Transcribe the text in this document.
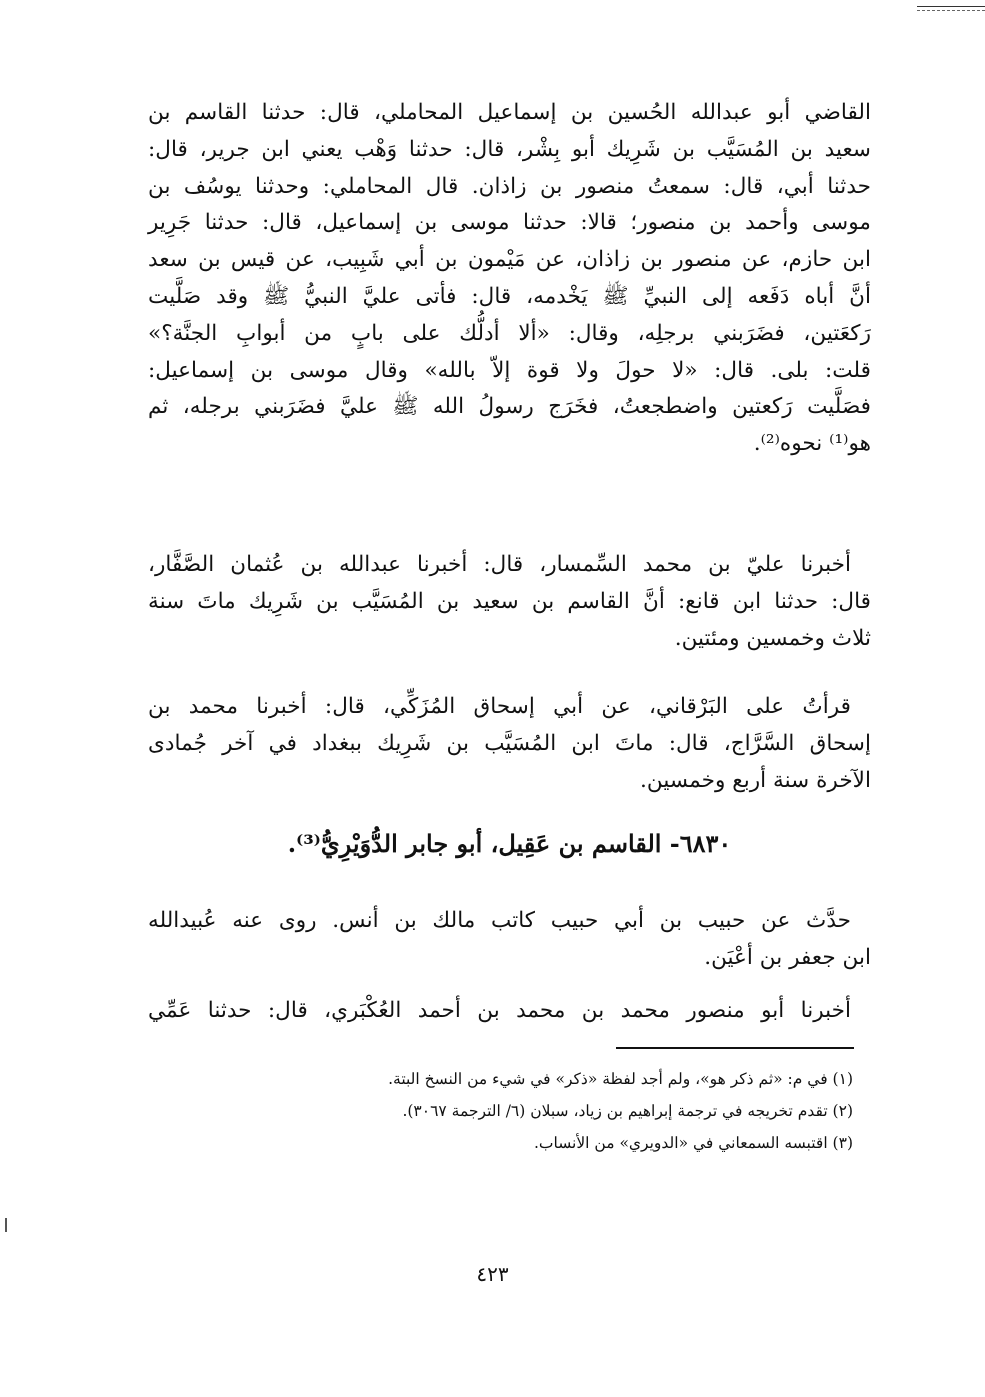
القاضي أبو عبدالله الحُسين بن إسماعيل المحاملي، قال: حدثنا القاسم بن
سعيد بن المُسَيَّب بن شَرِيك أبو بِشْر، قال: حدثنا وَهْب يعني ابن جرير، قال:
حدثنا أبي، قال: سمعتُ منصور بن زاذان. قال المحاملي: وحدثنا يوسُف بن
موسى وأحمد بن منصور؛ قالا: حدثنا موسى بن إسماعيل، قال: حدثنا جَرِير
ابن حازم، عن منصور بن زاذان، عن مَيْمون بن أبي شَبِيب، عن قيس بن سعد
أنَّ أباه دَفَعه إلى النبيِّ ﷺ يَخْدمه، قال: فأتى عليَّ النبيُّ ﷺ وقد صَلَّيت
رَكعَتين، فضَرَبني برجلِه، وقال: «ألا أدلُّك على بابٍ من أبوابِ الجنَّة؟»
قلت: بلى. قال: «لا حولَ ولا قوة إلاّ بالله» وقال موسى بن إسماعيل:
فصَلَّيت رَكعتين واضطجعتُ، فخَرَج رسولُ الله ﷺ عليَّ فضَرَبني برجله، ثم
هو⁽¹⁾ نحوه⁽²⁾.
أخبرنا عليّ بن محمد السِّمسار، قال: أخبرنا عبدالله بن عُثمان الصَّفَّار،
قال: حدثنا ابن قانع: أنَّ القاسم بن سعيد بن المُسَيَّب بن شَرِيك ماتَ سنة
ثلاث وخمسين ومئتين.
قرأتُ على البَرْقاني، عن أبي إسحاق المُزَكِّي، قال: أخبرنا محمد بن
إسحاق السَّرَّاج، قال: ماتَ ابن المُسَيَّب بن شَرِيك ببغداد في آخر جُمادى
الآخرة سنة أربع وخمسين.
٦٨٣٠- القاسم بن عَقِيل، أبو جابر الدُّوَيْرِيُّ⁽³⁾.
حدَّث عن حبيب بن أبي حبيب كاتب مالك بن أنس. روى عنه عُبيدالله
ابن جعفر بن أعْيَن.
أخبرنا أبو منصور محمد بن محمد بن أحمد العُكْبَري، قال: حدثنا عَمِّي
(١) في م: «ثم ذكر هو»، ولم أجد لفظة «ذكر» في شيء من النسخ البتة.
(٢) تقدم تخريجه في ترجمة إبراهيم بن زياد، سبلان (٦/ الترجمة ٣٠٦٧).
(٣) اقتبسه السمعاني في «الدويري» من الأنساب.
٤٢٣
